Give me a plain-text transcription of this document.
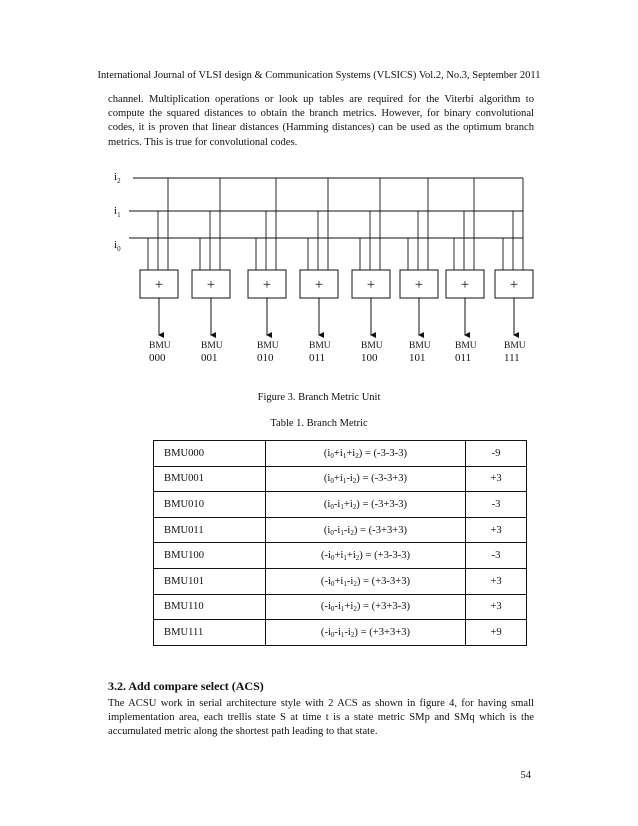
International Journal of VLSI design & Communication Systems (VLSICS) Vol.2, No.3, September 2011

channel. Multiplication operations or look up tables are required for the Viterbi algorithm to compute the squared distances to obtain the branch metrics. However, for binary convolutional codes, it is proven that linear distances (Hamming distances) can be used as the optimum branch metrics. This is true for convolutional codes.

$i_2$
$i_1$
$i_0$
+	+	+	+	+	+	+	+
BMU
000
BMU
001
BMU
010
BMU
011
BMU
100
BMU
101
BMU
011
BMU
111
Figure 3. Branch Metric Unit
Table 1. Branch Metric
BMU000	$(i_0+i_1+i_2) = (-3-3-3)$	-9
BMU001	$(i_0+i_1-i_2) = (-3-3+3)$	+3
BMU010	$(i_0-i_1+i_2) = (-3+3-3)$	-3
BMU011	$(i_0-i_1-i_2) = (-3+3+3)$	+3
BMU100	$(-i_0+i_1+i_2) = (+3-3-3)$	-3
BMU101	$(-i_0+i_1-i_2) = (+3-3+3)$	+3
BMU110	$(-i_0-i_1+i_2) = (+3+3-3)$	+3
BMU111	$(-i_0-i_1-i_2) = (+3+3+3)$	+9
3.2. Add compare select (ACS)

The ACSU work in serial architecture style with 2 ACS as shown in figure 4, for having small implementation area, each trellis state S at time t is a state metric SMp and SMq which is the accumulated metric along the shortest path leading to that state.

54
